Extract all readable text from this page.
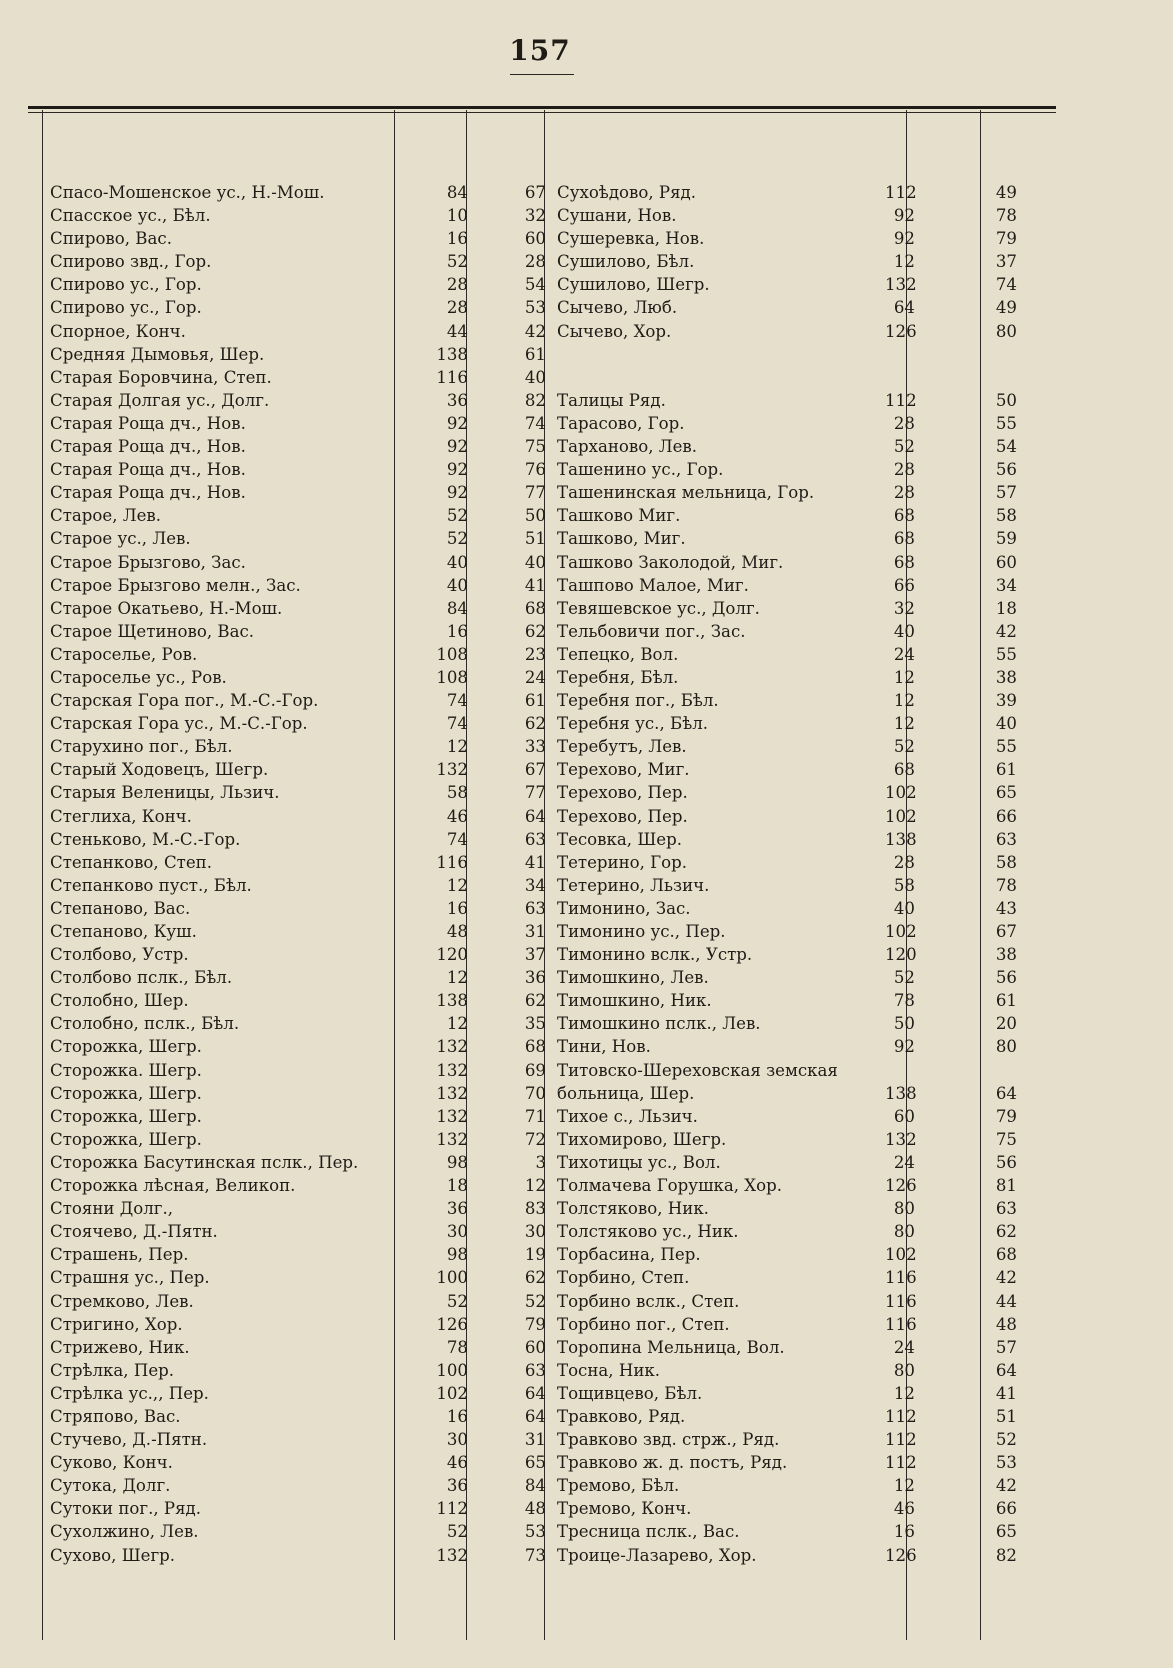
157
Спасо-Мошенское ус., Н.-Мош.	84	67
Спасское ус., Бѣл.	10	32
Спирово, Вас.	16	60
Спирово звд., Гор.	52	28
Спирово ус., Гор.	28	54
Спирово ус., Гор.	28	53
Спорное, Конч.	44	42
Средняя Дымовья, Шер.	138	61
Старая Боровчина, Степ.	116	40
Старая Долгая ус., Долг.	36	82
Старая Роща дч., Нов.	92	74
Старая Роща дч., Нов.	92	75
Старая Роща дч., Нов.	92	76
Старая Роща дч., Нов.	92	77
Старое, Лев.	52	50
Старое ус., Лев.	52	51
Старое Брызгово, Зас.	40	40
Старое Брызгово мелн., Зас.	40	41
Старое Окатьево, Н.-Мош.	84	68
Старое Щетиново, Вас.	16	62
Староселье, Ров.	108	23
Староселье ус., Ров.	108	24
Старская Гора пог., М.-С.-Гор.	74	61
Старская Гора ус., М.-С.-Гор.	74	62
Старухино пог., Бѣл.	12	33
Старый Ходовецъ, Шегр.	132	67
Старыя Веленицы, Льзич.	58	77
Стеглиха, Конч.	46	64
Стеньково, М.-С.-Гор.	74	63
Степанково, Степ.	116	41
Степанково пуст., Бѣл.	12	34
Степаново, Вас.	16	63
Степаново, Куш.	48	31
Столбово, Устр.	120	37
Столбово пслк., Бѣл.	12	36
Столобно, Шер.	138	62
Столобно, пслк., Бѣл.	12	35
Сторожка, Шегр.	132	68
Сторожка. Шегр.	132	69
Сторожка, Шегр.	132	70
Сторожка, Шегр.	132	71
Сторожка, Шегр.	132	72
Сторожка Басутинская пслк., Пер.	98	3
Сторожка лѣсная, Великоп.	18	12
Стояни Долг.,	36	83
Стоячево, Д.-Пятн.	30	30
Страшень, Пер.	98	19
Страшня ус., Пер.	100	62
Стремково, Лев.	52	52
Стригино, Хор.	126	79
Стрижево, Ник.	78	60
Стрѣлка, Пер.	100	63
Стрѣлка ус.,, Пер.	102	64
Стряпово, Вас.	16	64
Стучево, Д.-Пятн.	30	31
Суково, Конч.	46	65
Сутока, Долг.	36	84
Сутоки пог., Ряд.	112	48
Сухолжино, Лев.	52	53
Сухово, Шегр.	132	73
Сухоѣдово, Ряд.	112	49
Сушани, Нов.	92	78
Сушеревка, Нов.	92	79
Сушилово, Бѣл.	12	37
Сушилово, Шегр.	132	74
Сычево, Люб.	64	49
Сычево, Хор.	126	80
Талицы Ряд.	112	50
Тарасово, Гор.	28	55
Тарханово, Лев.	52	54
Ташенино ус., Гор.	28	56
Ташенинская мельница, Гор.	28	57
Ташково Миг.	68	58
Ташково, Миг.	68	59
Ташково Заколодой, Миг.	68	60
Ташпово Малое, Миг.	66	34
Тевяшевское ус., Долг.	32	18
Тельбовичи пог., Зас.	40	42
Тепецко, Вол.	24	55
Теребня, Бѣл.	12	38
Теребня пог., Бѣл.	12	39
Теребня ус., Бѣл.	12	40
Теребутъ, Лев.	52	55
Терехово, Миг.	68	61
Терехово, Пер.	102	65
Терехово, Пер.	102	66
Тесовка, Шер.	138	63
Тетерино, Гор.	28	58
Тетерино, Льзич.	58	78
Тимонино, Зас.	40	43
Тимонино ус., Пер.	102	67
Тимонино вслк., Устр.	120	38
Тимошкино, Лев.	52	56
Тимошкино, Ник.	78	61
Тимошкино пслк., Лев.	50	20
Тини, Нов.	92	80
Титовско-Шереховская земская
больница, Шер.	138	64
Тихое с., Льзич.	60	79
Тихомирово, Шегр.	132	75
Тихотицы ус., Вол.	24	56
Толмачева Горушка, Хор.	126	81
Толстяково, Ник.	80	63
Толстяково ус., Ник.	80	62
Торбасина, Пер.	102	68
Торбино, Степ.	116	42
Торбино вслк., Степ.	116	44
Торбино пог., Степ.	116	48
Торопина Мельница, Вол.	24	57
Тосна, Ник.	80	64
Тощивцево, Бѣл.	12	41
Травково, Ряд.	112	51
Травково звд. стрж., Ряд.	112	52
Травково ж. д. постъ, Ряд.	112	53
Тремово, Бѣл.	12	42
Тремово, Конч.	46	66
Тресница пслк., Вас.	16	65
Троице-Лазарево, Хор.	126	82
